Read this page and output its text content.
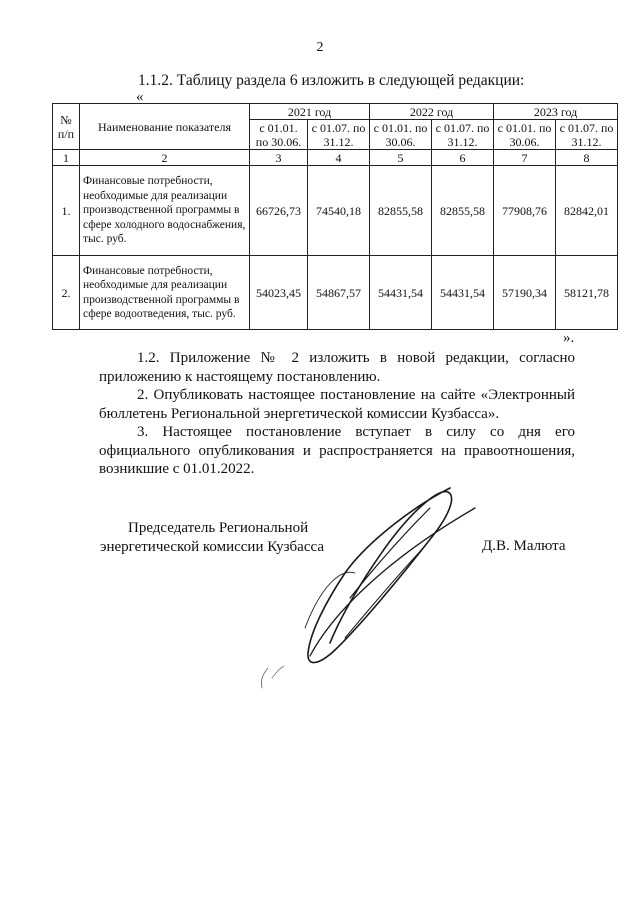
2
1.1.2. Таблицу раздела 6 изложить в следующей редакции:
«
№ п/п	Наименование показателя	2021 год		2022 год		2023 год	
		с 01.01. по 30.06.	с 01.07. по 31.12.	с 01.01. по 30.06.	с 01.07. по 31.12.	с 01.01. по 30.06.	с 01.07. по 31.12.
1	2	3	4	5	6	7	8
1.	Финансовые потребности, необходимые для реализации производственной программы в сфере холодного водоснабжения, тыс. руб.	66726,73	74540,18	82855,58	82855,58	77908,76	82842,01
2.	Финансовые потребности, необходимые для реализации производственной программы в сфере водоотведения, тыс. руб.	54023,45	54867,57	54431,54	54431,54	57190,34	58121,78
».
1.2. Приложение № 2 изложить в новой редакции, согласно приложению к настоящему постановлению.
2. Опубликовать настоящее постановление на сайте «Электронный бюллетень Региональной энергетической комиссии Кузбасса».
3. Настоящее постановление вступает в силу со дня его официального опубликования и распространяется на правоотношения, возникшие с 01.01.2022.
Председатель Региональной
энергетической комиссии Кузбасса	Д.В. Малюта
